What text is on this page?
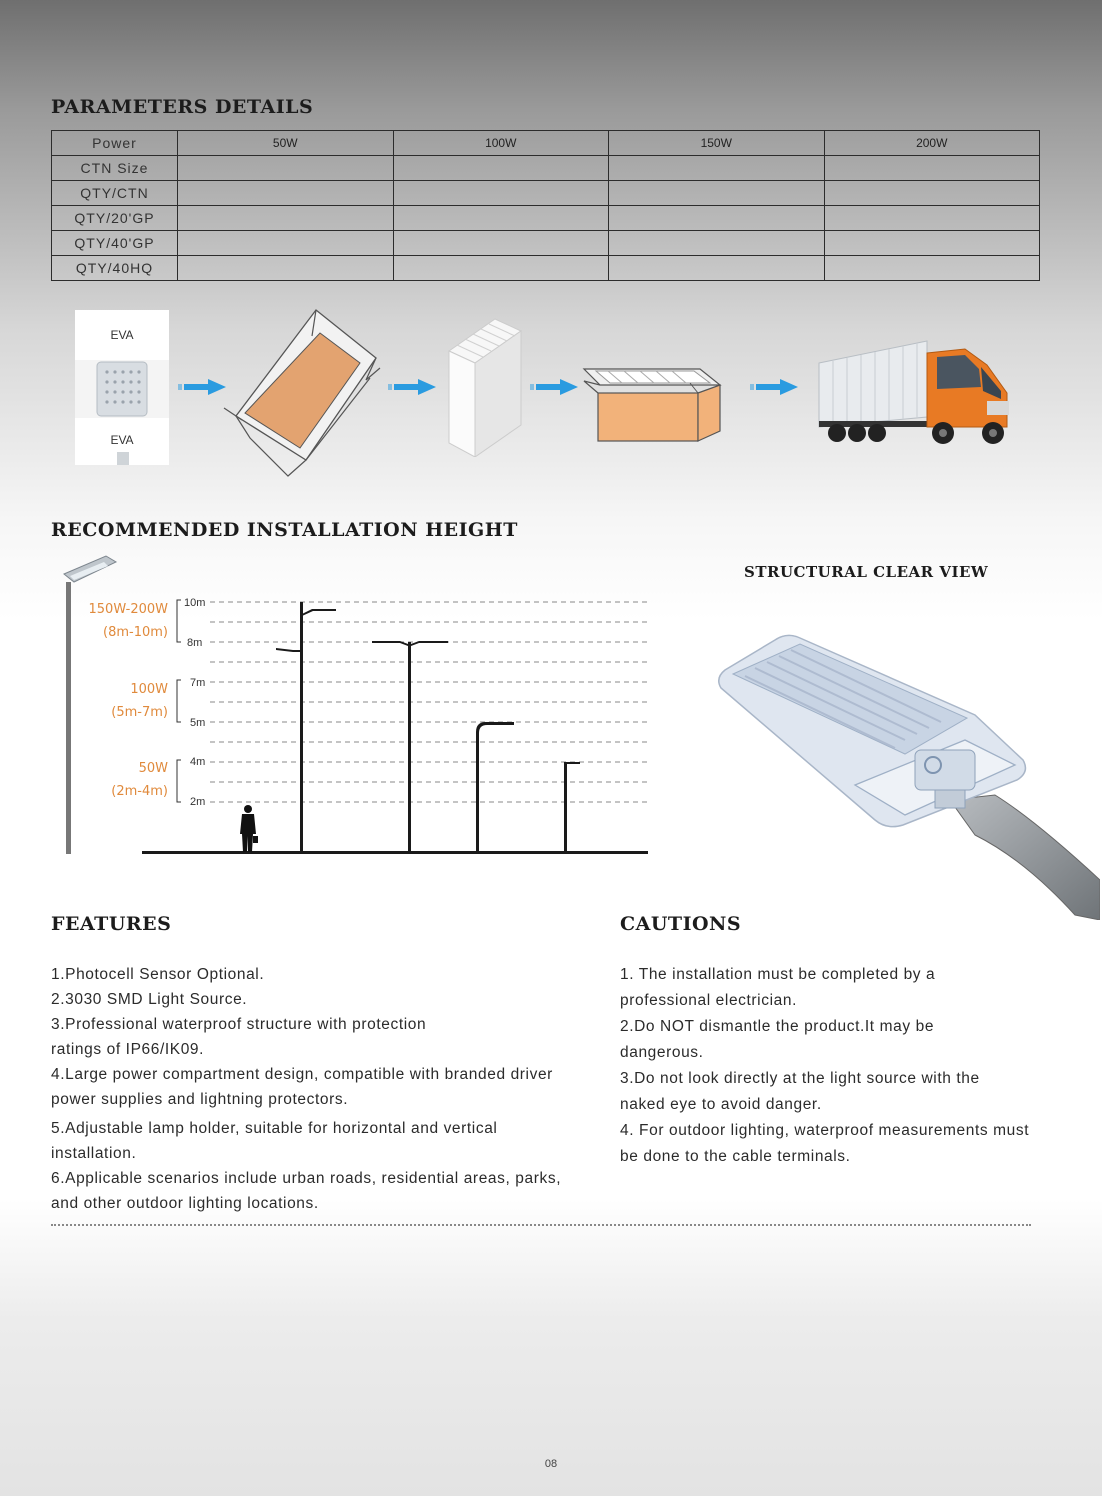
PARAMETERS DETAILS
Power	50W	100W	150W	200W
CTN Size				
QTY/CTN				
QTY/20'GP				
QTY/40'GP				
QTY/40HQ				
EVA
EVA
RECOMMENDED INSTALLATION HEIGHT
10m
8m
7m
5m
4m
2m
150W-200W
(8m-10m)
100W
(5m-7m)
50W
(2m-4m)
STRUCTURAL CLEAR VIEW
FEATURES

1.Photocell Sensor Optional.

2.3030 SMD Light Source.

3.Professional waterproof structure with protection ratings of IP66/IK09.

4.Large power compartment design, compatible with branded driver power supplies and lightning protectors.

5.Adjustable lamp holder, suitable for horizontal and vertical installation.

6.Applicable scenarios include urban roads, residential areas, parks, and other outdoor lighting locations.

CAUTIONS

1. The installation must be completed by a professional electrician.

2.Do NOT dismantle the product.It may be dangerous.

3.Do not look directly at the light source with the naked eye to avoid danger.

4. For outdoor lighting, waterproof measurements must be done to the cable terminals.

08
